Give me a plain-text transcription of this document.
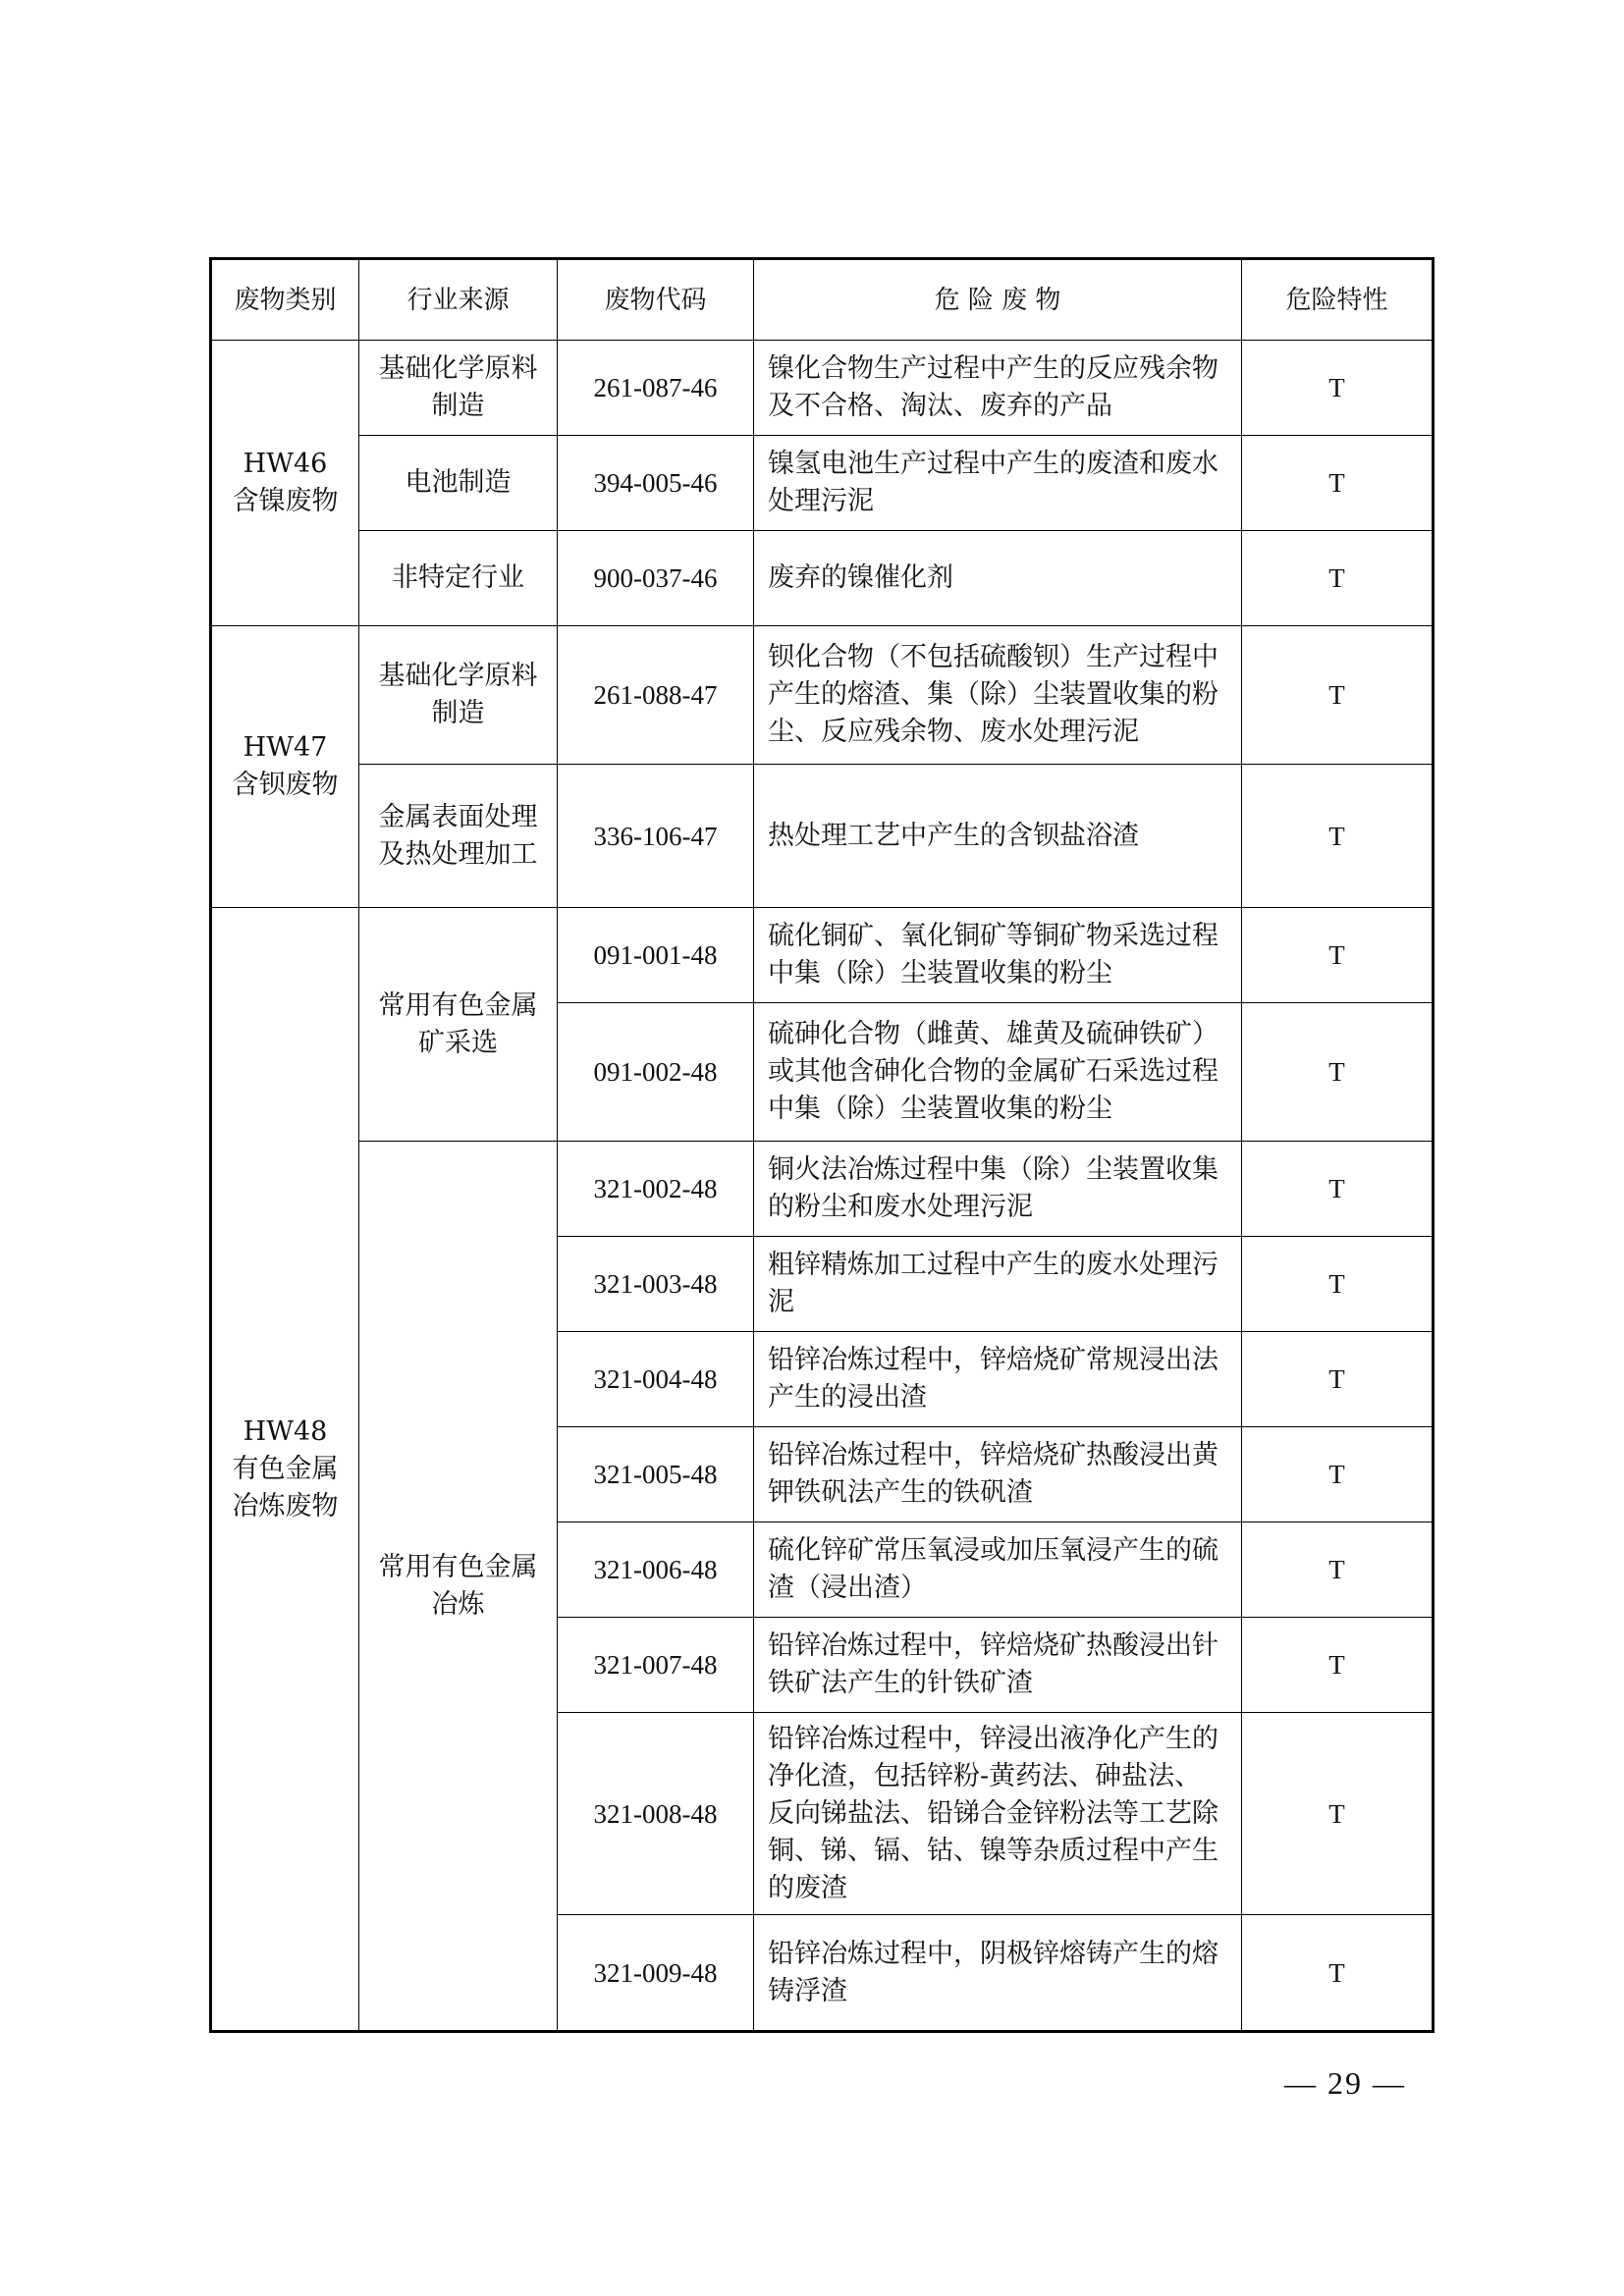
废物类别	行业来源	废物代码	危 险 废 物	危险特性

HW46
含镍废物	基础化学原料制造	261-087-46	镍化合物生产过程中产生的反应残余物及不合格、淘汰、废弃的产品	T
	电池制造	394-005-46	镍氢电池生产过程中产生的废渣和废水处理污泥	T
	非特定行业	900-037-46	废弃的镍催化剂	T

HW47
含钡废物	基础化学原料制造	261-088-47	钡化合物（不包括硫酸钡）生产过程中产生的熔渣、集（除）尘装置收集的粉尘、反应残余物、废水处理污泥	T
	金属表面处理及热处理加工	336-106-47	热处理工艺中产生的含钡盐浴渣	T

HW48
有色金属冶炼废物	常用有色金属矿采选	091-001-48	硫化铜矿、氧化铜矿等铜矿物采选过程中集（除）尘装置收集的粉尘	T
		091-002-48	硫砷化合物（雌黄、雄黄及硫砷铁矿）或其他含砷化合物的金属矿石采选过程中集（除）尘装置收集的粉尘	T
	常用有色金属冶炼	321-002-48	铜火法冶炼过程中集（除）尘装置收集的粉尘和废水处理污泥	T
		321-003-48	粗锌精炼加工过程中产生的废水处理污泥	T
		321-004-48	铅锌冶炼过程中，锌焙烧矿常规浸出法产生的浸出渣	T
		321-005-48	铅锌冶炼过程中，锌焙烧矿热酸浸出黄钾铁矾法产生的铁矾渣	T
		321-006-48	硫化锌矿常压氧浸或加压氧浸产生的硫渣（浸出渣）	T
		321-007-48	铅锌冶炼过程中，锌焙烧矿热酸浸出针铁矿法产生的针铁矿渣	T
		321-008-48	铅锌冶炼过程中，锌浸出液净化产生的净化渣，包括锌粉-黄药法、砷盐法、反向锑盐法、铅锑合金锌粉法等工艺除铜、锑、镉、钴、镍等杂质过程中产生的废渣	T
		321-009-48	铅锌冶炼过程中，阴极锌熔铸产生的熔铸浮渣	T
— 29 —
